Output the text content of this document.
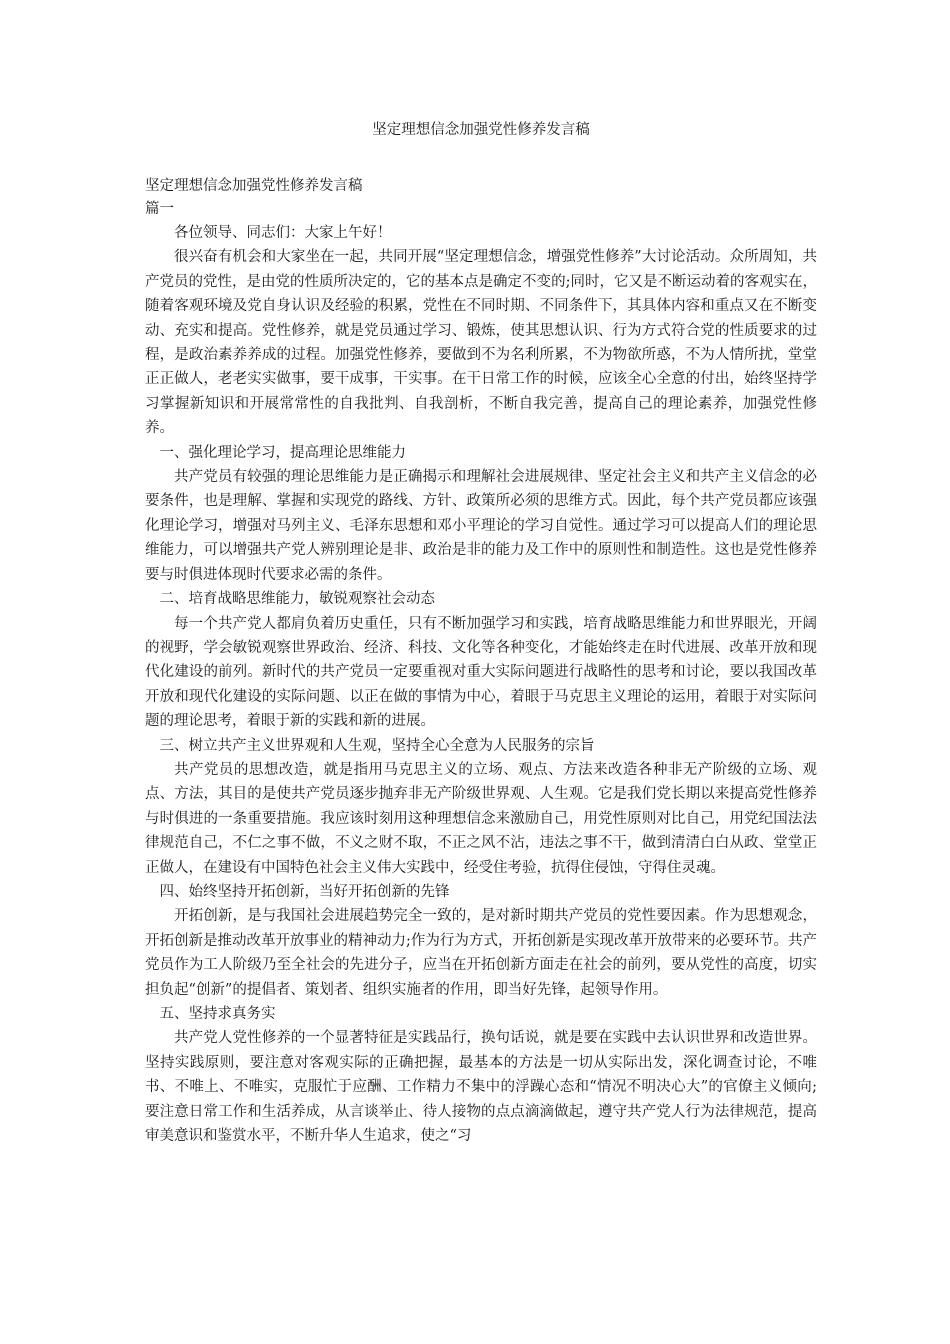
坚定理想信念加强党性修养发言稿

坚定理想信念加强党性修养发言稿

篇一

各位领导、同志们：大家上午好！

很兴奋有机会和大家坐在一起，共同开展“坚定理想信念，增强党性修养”大讨论活动。众所周知，共产党员的党性，是由党的性质所决定的，它的基本点是确定不变的;同时，它又是不断运动着的客观实在，随着客观环境及党自身认识及经验的积累，党性在不同时期、不同条件下，其具体内容和重点又在不断变动、充实和提高。党性修养，就是党员通过学习、锻炼，使其思想认识、行为方式符合党的性质要求的过程，是政治素养养成的过程。加强党性修养，要做到不为名利所累，不为物欲所惑，不为人情所扰，堂堂正正做人，老老实实做事，要干成事，干实事。在干日常工作的时候，应该全心全意的付出，始终坚持学习掌握新知识和开展常常性的自我批判、自我剖析，不断自我完善，提高自己的理论素养，加强党性修养。

一、强化理论学习，提高理论思维能力

共产党员有较强的理论思维能力是正确揭示和理解社会进展规律、坚定社会主义和共产主义信念的必要条件，也是理解、掌握和实现党的路线、方针、政策所必须的思维方式。因此，每个共产党员都应该强化理论学习，增强对马列主义、毛泽东思想和邓小平理论的学习自觉性。通过学习可以提高人们的理论思维能力，可以增强共产党人辨别理论是非、政治是非的能力及工作中的原则性和制造性。这也是党性修养要与时俱进体现时代要求必需的条件。

二、培育战略思维能力，敏锐观察社会动态

每一个共产党人都肩负着历史重任，只有不断加强学习和实践，培育战略思维能力和世界眼光，开阔的视野，学会敏锐观察世界政治、经济、科技、文化等各种变化，才能始终走在时代进展、改革开放和现代化建设的前列。新时代的共产党员一定要重视对重大实际问题进行战略性的思考和讨论，要以我国改革开放和现代化建设的实际问题、以正在做的事情为中心，着眼于马克思主义理论的运用，着眼于对实际问题的理论思考，着眼于新的实践和新的进展。

三、树立共产主义世界观和人生观，坚持全心全意为人民服务的宗旨

共产党员的思想改造，就是指用马克思主义的立场、观点、方法来改造各种非无产阶级的立场、观点、方法，其目的是使共产党员逐步抛弃非无产阶级世界观、人生观。它是我们党长期以来提高党性修养与时俱进的一条重要措施。我应该时刻用这种理想信念来激励自己，用党性原则对比自己，用党纪国法法律规范自己，不仁之事不做，不义之财不取，不正之风不沾，违法之事不干，做到清清白白从政、堂堂正正做人，在建设有中国特色社会主义伟大实践中，经受住考验，抗得住侵蚀，守得住灵魂。

四、始终坚持开拓创新，当好开拓创新的先锋

开拓创新，是与我国社会进展趋势完全一致的，是对新时期共产党员的党性要因素。作为思想观念，开拓创新是推动改革开放事业的精神动力;作为行为方式，开拓创新是实现改革开放带来的必要环节。共产党员作为工人阶级乃至全社会的先进分子，应当在开拓创新方面走在社会的前列，要从党性的高度，切实担负起“创新”的提倡者、策划者、组织实施者的作用，即当好先锋，起领导作用。

五、坚持求真务实

共产党人党性修养的一个显著特征是实践品行，换句话说，就是要在实践中去认识世界和改造世界。坚持实践原则，要注意对客观实际的正确把握，最基本的方法是一切从实际出发，深化调查讨论，不唯书、不唯上、不唯实，克服忙于应酬、工作精力不集中的浮躁心态和“情况不明决心大”的官僚主义倾向;要注意日常工作和生活养成，从言谈举止、待人接物的点点滴滴做起，遵守共产党人行为法律规范，提高审美意识和鉴赏水平，不断升华人生追求，使之“习
